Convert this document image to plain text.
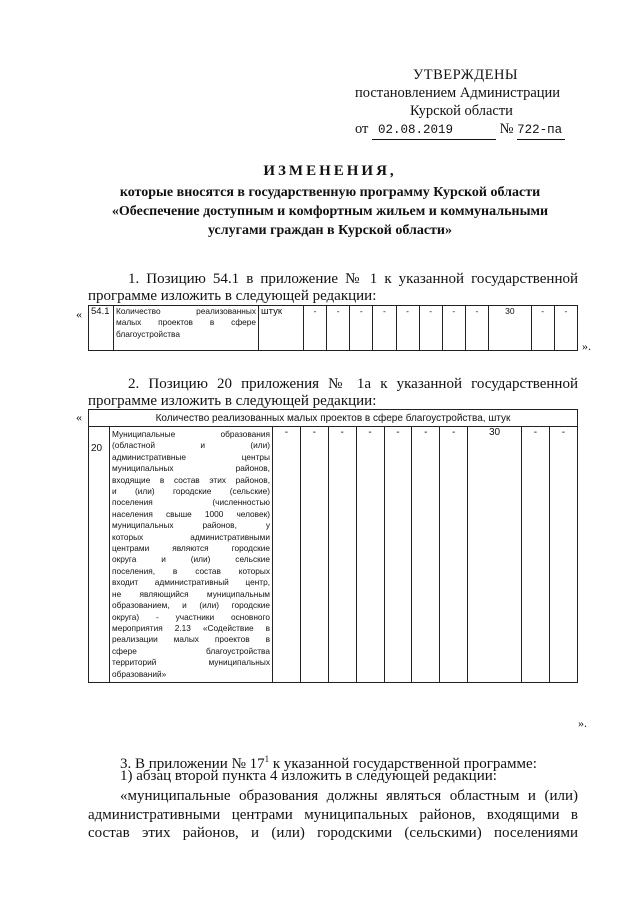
УТВЕРЖДЕНЫ
постановлением Администрации
Курской области
от 02.08.2019	№ 722-па
ИЗМЕНЕНИЯ,
которые вносятся в государственную программу Курской области
«Обеспечение доступным и комфортным жильем и коммунальными
услугами граждан в Курской области»
1. Позицию 54.1 в приложение № 1 к указанной государственной
программе изложить в следующей редакции:
« 54.1	Количество реализованных
малых проектов в сфере
благоустройства
	штук	-	-	-	-	-	-	-	-	30	-	-
».
2. Позицию 20 приложения № 1а к указанной государственной
программе изложить в следующей редакции:
«	Количество реализованных малых проектов в сфере благоустройства, штук
20	
Муниципальные образования
(областной и (или)
административные центры
муниципальных районов,
входящие в состав этих районов,
и (или) городские (сельские)
поселения (численностью
населения свыше 1000 человек)
муниципальных районов, у
которых административными
центрами являются городские
округа и (или) сельские
поселения, в состав которых
входит административный центр,
не являющийся муниципальным
образованием, и (или) городские
округа) - участники основного
мероприятия 2.13 «Содействие в
реализации малых проектов в
сфере благоустройства
территорий муниципальных
образований»
	-	-	-	-	-	-	-	30	-	-
».
3. В приложении № $17^1$ к указанной государственной программе:
1) абзац второй пункта 4 изложить в следующей редакции:
«муниципальные образования должны являться областным и (или)
административными центрами муниципальных районов, входящими в
состав этих районов, и (или) городскими (сельскими) поселениями
